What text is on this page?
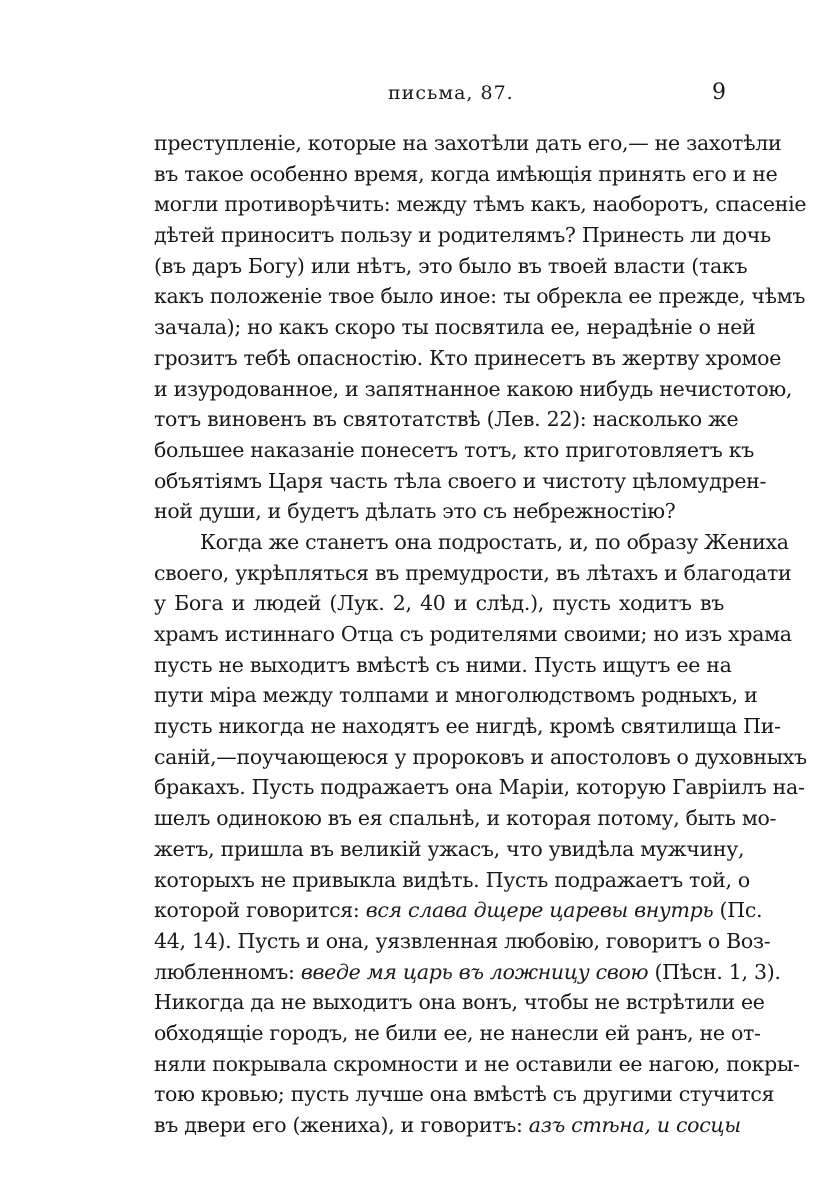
письма, 87.	9
преступленіе, которые на захотѣли дать его,— не захотѣли
въ такое особенно время, когда имѣющія принять его и не
могли противорѣчить: между тѣмъ какъ, наоборотъ, спасеніе
дѣтей приноситъ пользу и родителямъ? Принесть ли дочь
(въ даръ Богу) или нѣтъ, это было въ твоей власти (такъ
какъ положеніе твое было иное: ты обрекла ее прежде, чѣмъ
зачала); но какъ скоро ты посвятила ее, нерадѣніе о ней
грозитъ тебѣ опасностію. Кто принесетъ въ жертву хромое
и изуродованное, и запятнанное какою нибудь нечистотою,
тотъ виновенъ въ святотатствѣ (Лев. 22): насколько же
большее наказаніе понесетъ тотъ, кто приготовляетъ къ
объятіямъ Царя часть тѣла своего и чистоту цѣломудрен-
ной души, и будетъ дѣлать это съ небрежностію?
Когда же станетъ она подростать, и, по образу Жениха
своего, укрѣпляться въ премудрости, въ лѣтахъ и благодати
у Бога и людей (Лук. 2, 40 и слѣд.), пусть ходитъ въ
храмъ истиннаго Отца съ родителями своими; но изъ храма
пусть не выходитъ вмѣстѣ съ ними. Пусть ищутъ ее на
пути міра между толпами и многолюдствомъ родныхъ, и
пусть никогда не находятъ ее нигдѣ, кромѣ святилища Пи-
саній,—поучающеюся у пророковъ и апостоловъ о духовныхъ
бракахъ. Пусть подражаетъ она Маріи, которую Гавріилъ на-
шелъ одинокою въ ея спальнѣ, и которая потому, быть мо-
жетъ, пришла въ великій ужасъ, что увидѣла мужчину,
которыхъ не привыкла видѣть. Пусть подражаетъ той, о
которой говорится: вся слава дщере царевы внутрь (Пс.
44, 14). Пусть и она, уязвленная любовію, говоритъ о Воз-
любленномъ: введе мя царь въ ложницу свою (Пѣсн. 1, 3).
Никогда да не выходитъ она вонъ, чтобы не встрѣтили ее
обходящіе городъ, не били ее, не нанесли ей ранъ, не от-
няли покрывала скромности и не оставили ее нагою, покры-
тою кровью; пусть лучше она вмѣстѣ съ другими стучится
въ двери его (жениха), и говоритъ: азъ стѣна, и сосцы
